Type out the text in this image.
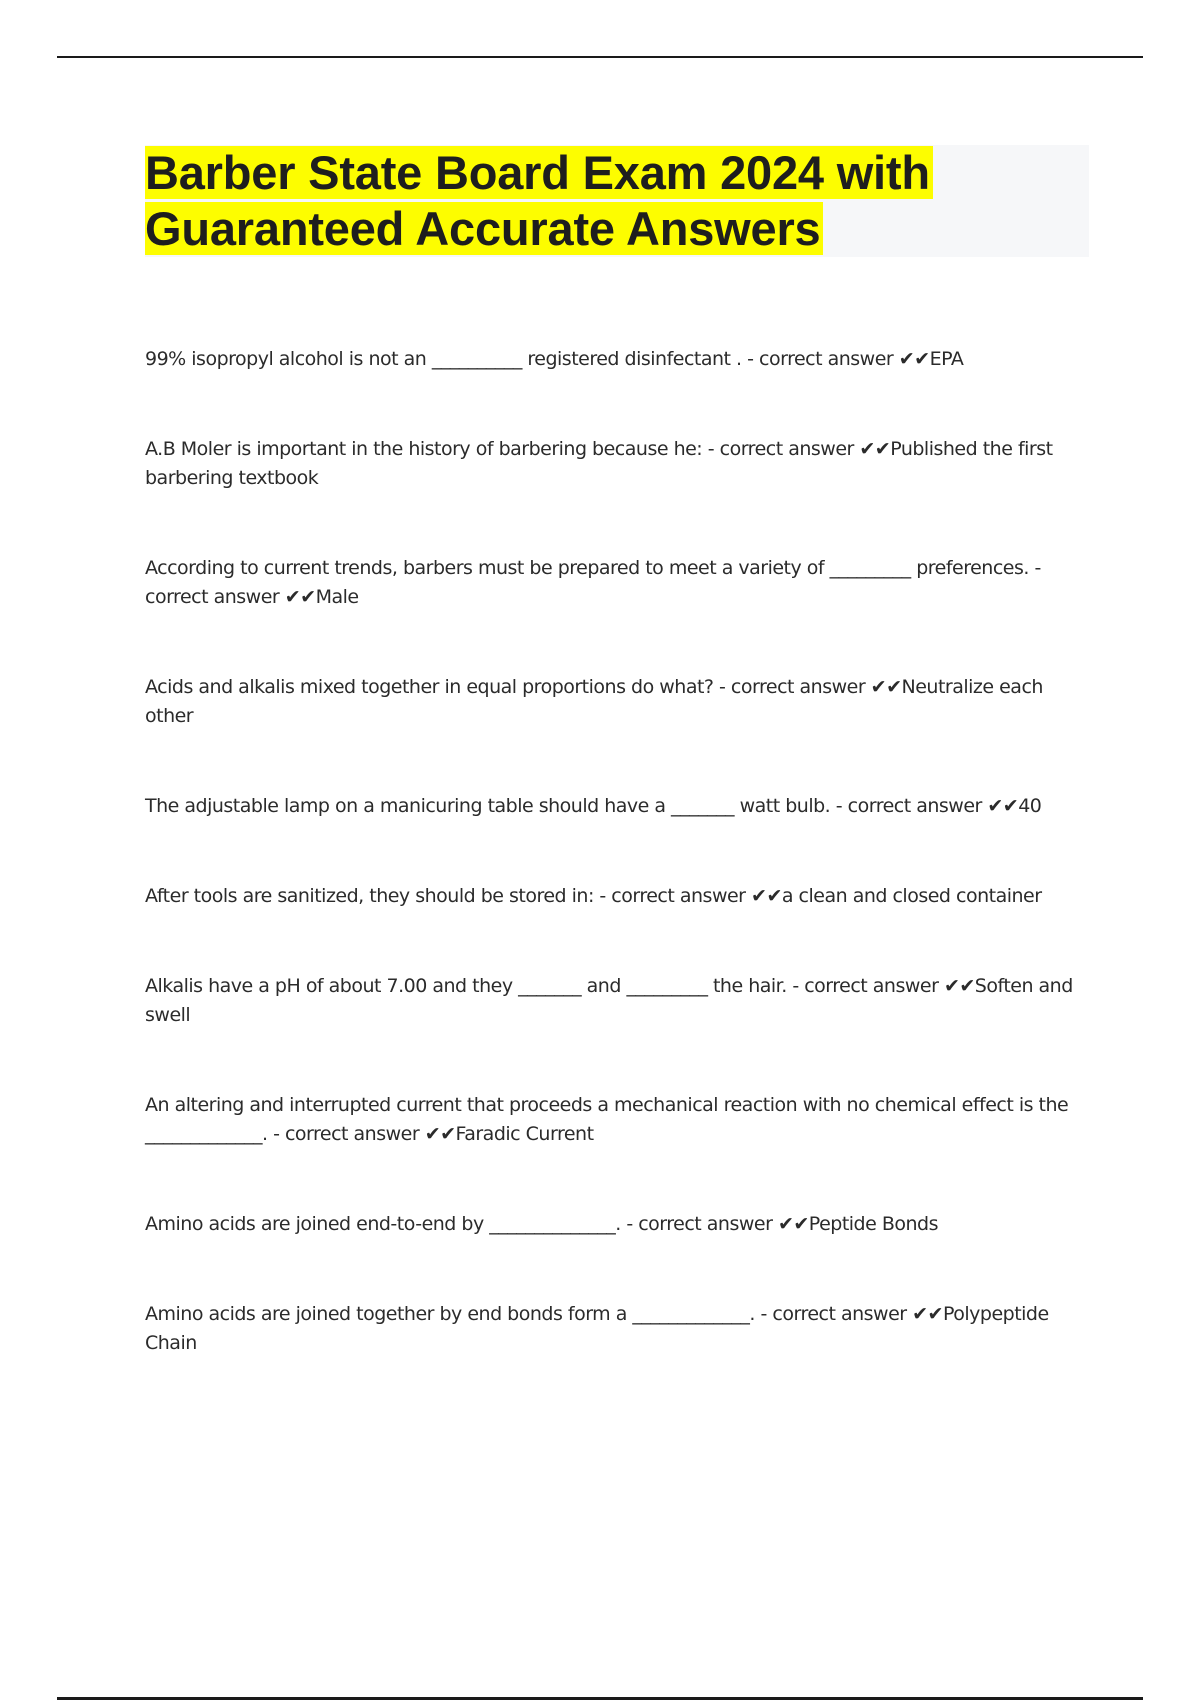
Barber State Board Exam 2024 with Guaranteed Accurate Answers

99% isopropyl alcohol is not an __________ registered disinfectant . - correct answer ✔✔EPA

A.B Moler is important in the history of barbering because he: - correct answer ✔✔Published the first barbering textbook

According to current trends, barbers must be prepared to meet a variety of _________ preferences. - correct answer ✔✔Male

Acids and alkalis mixed together in equal proportions do what? - correct answer ✔✔Neutralize each other

The adjustable lamp on a manicuring table should have a _______ watt bulb. - correct answer ✔✔40

After tools are sanitized, they should be stored in: - correct answer ✔✔a clean and closed container

Alkalis have a pH of about 7.00 and they _______ and _________ the hair. - correct answer ✔✔Soften and swell

An altering and interrupted current that proceeds a mechanical reaction with no chemical effect is the _____________. - correct answer ✔✔Faradic Current

Amino acids are joined end-to-end by ______________. - correct answer ✔✔Peptide Bonds

Amino acids are joined together by end bonds form a _____________. - correct answer ✔✔Polypeptide Chain
